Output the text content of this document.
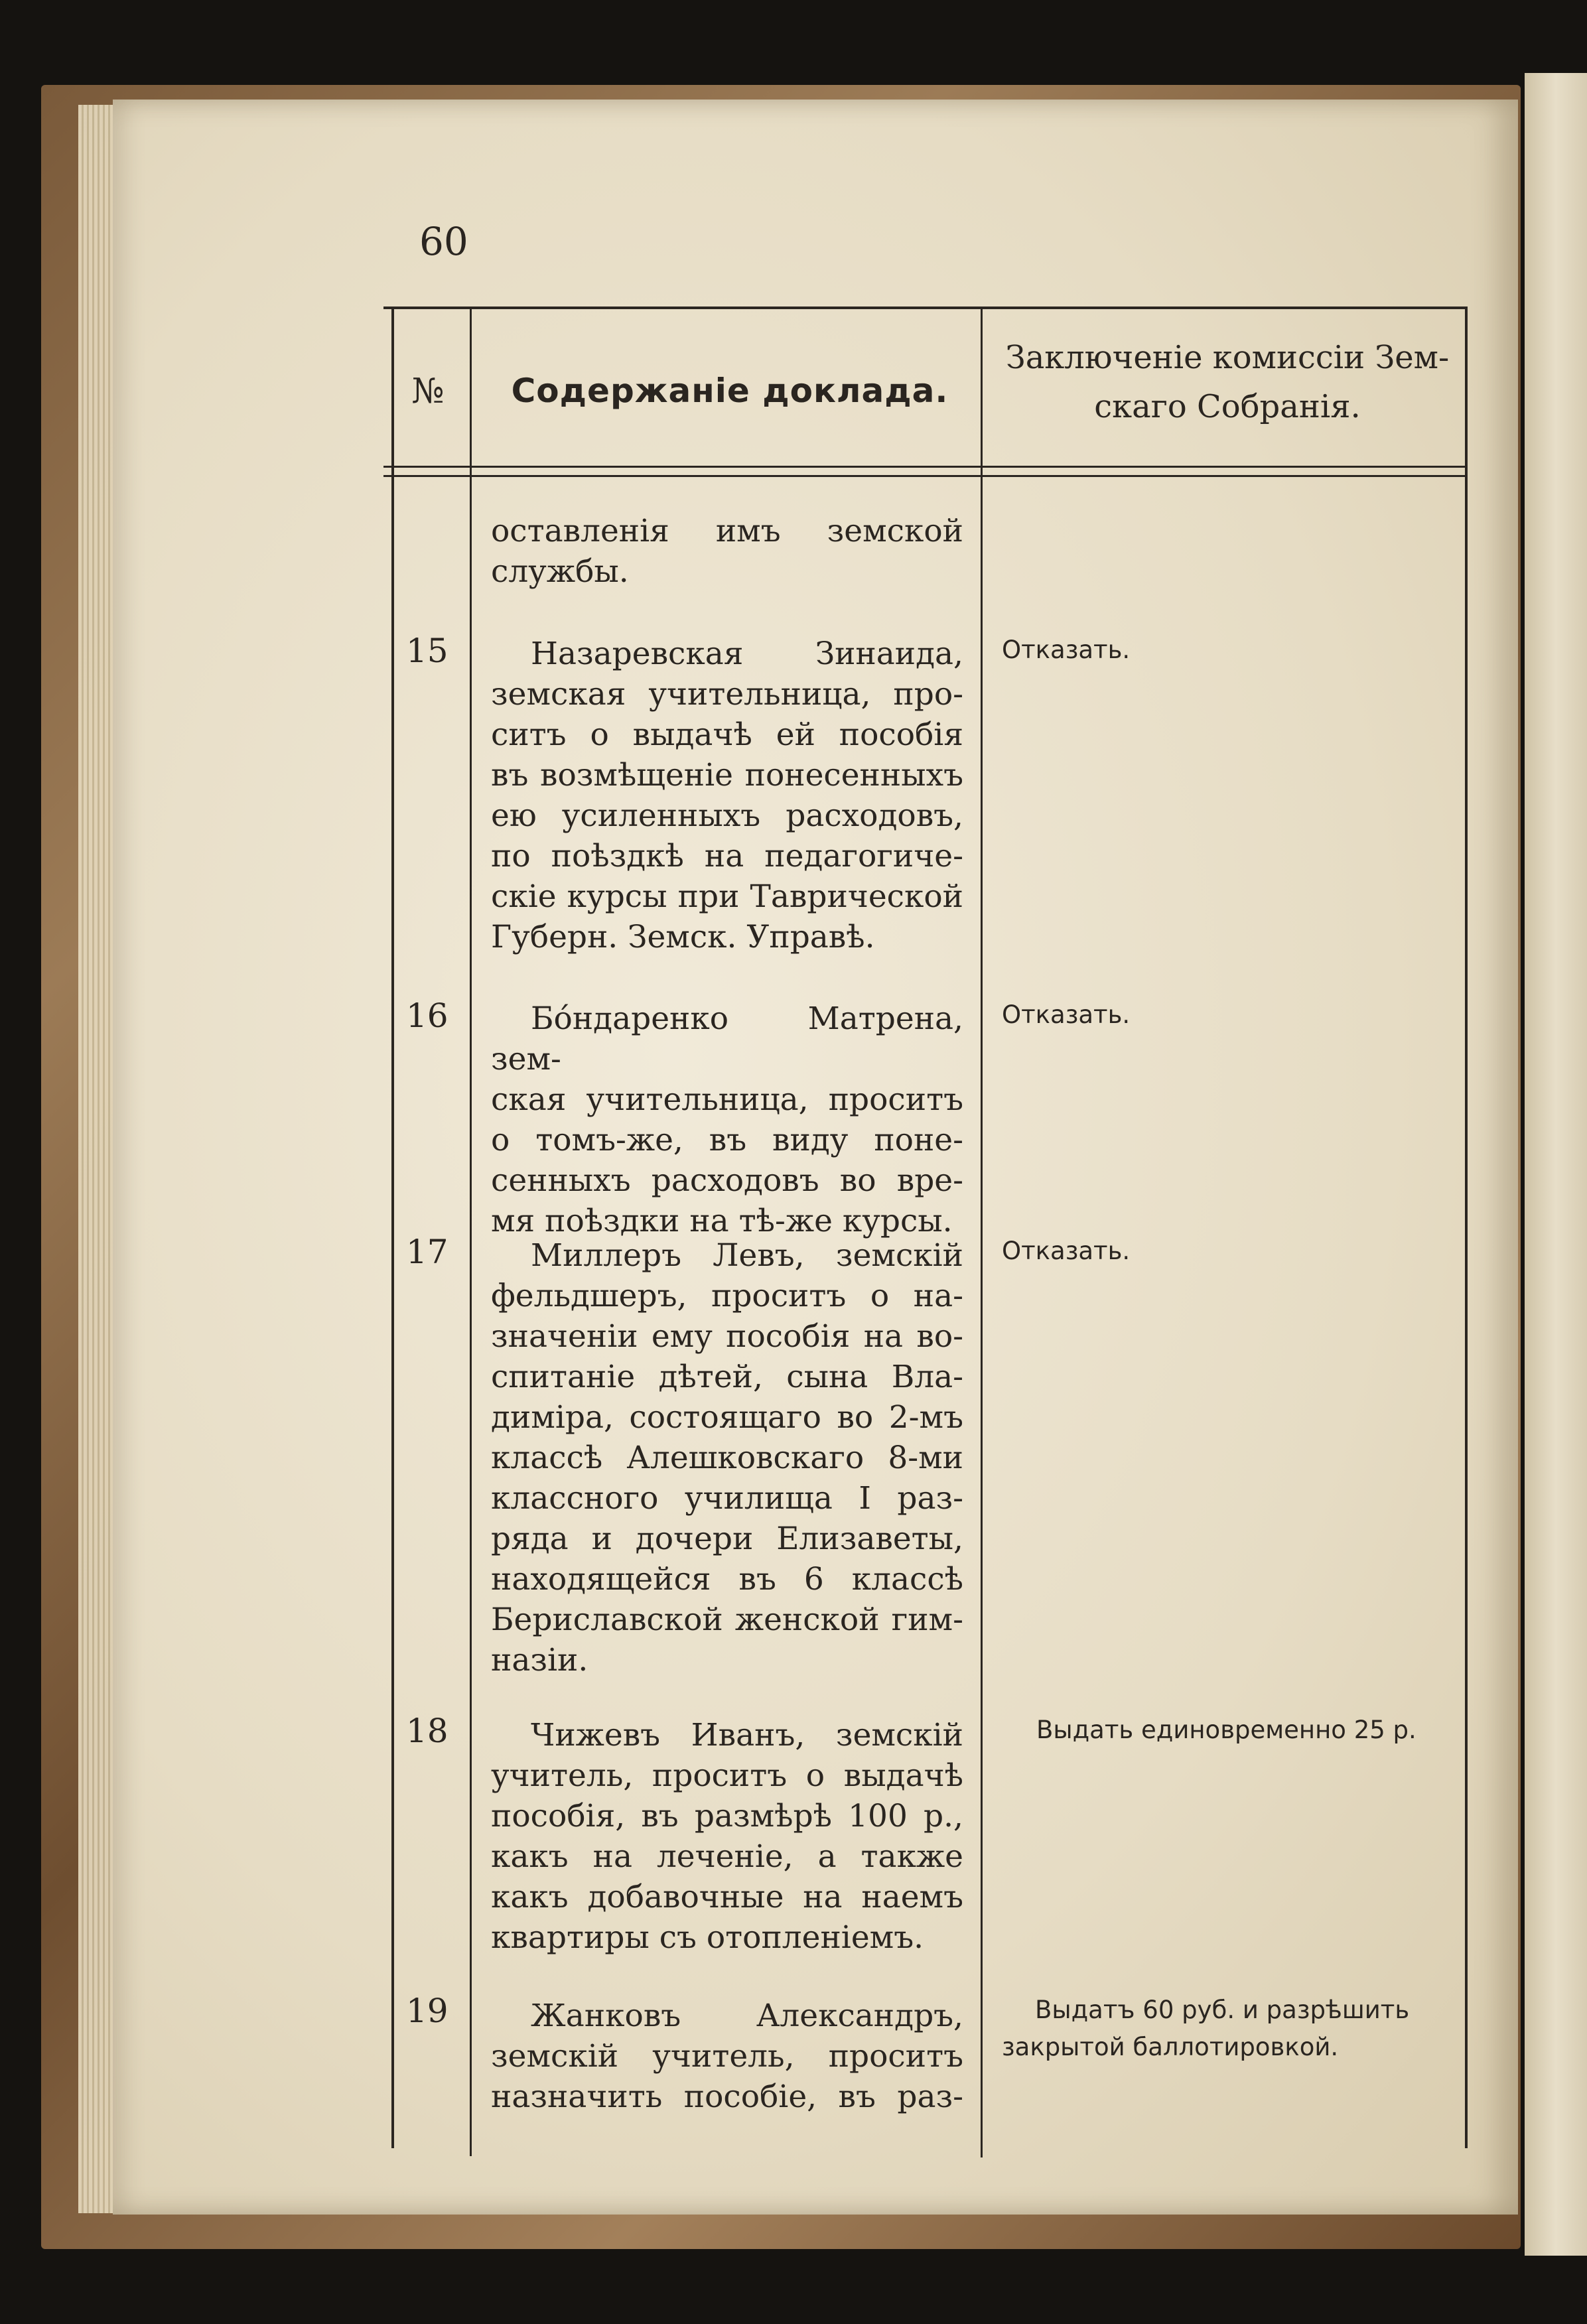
60
№	Содержаніе доклада.
Заключеніе комиссіи Зем-
скаго Собранія.
оставленія имъ земской
службы.
15	Назаревская Зинаида,
земская учительница, про-
ситъ о выдачѣ ей пособія
въ возмѣщеніе понесенныхъ
ею усиленныхъ расходовъ,
по поѣздкѣ на педагогиче-
скіе курсы при Таврической
Губерн. Земск. Управѣ.
Отказать.
16	Бо́ндаренко Матрена, зем-
ская учительница, проситъ
о томъ-же, въ виду поне-
сенныхъ расходовъ во вре-
мя поѣздки на тѣ-же курсы.
Отказать.
17	Миллеръ Левъ, земскій
фельдшеръ, проситъ о на-
значеніи ему пособія на во-
спитаніе дѣтей, сына Вла-
диміра, состоящаго во 2-мъ
классѣ Алешковскаго 8-ми
классного училища I раз-
ряда и дочери Елизаветы,
находящейся въ 6 классѣ
Бериславской женской гим-
назіи.
Отказать.
18	Чижевъ Иванъ, земскій
учитель, проситъ о выдачѣ
пособія, въ размѣрѣ 100 р.,
какъ на леченіе, а также
какъ добавочные на наемъ
квартиры съ отопленіемъ.
Выдать единовременно 25 р.
19	Жанковъ Александръ,
земскій учитель, проситъ
назначить пособіе, въ раз-
Выдатъ 60 руб. и разрѣшить
закрытой баллотировкой.
